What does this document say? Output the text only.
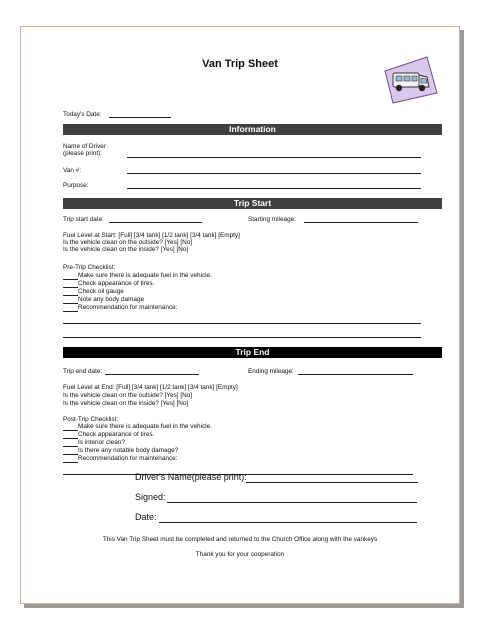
Van Trip Sheet
Today's Date:
Information
Name of Driver
(please print):
Van #:
Purpose:
Trip Start
Trip start date:	Starting mileage:
Fuel Level at Start: [Full] [3/4 tank] [1/2 tank] [3/4 tank] [Empty]
Is the vehicle clean on the outside? [Yes] [No]
Is the vehicle clean on the inside? [Yes] [No]
Pre-Trip Checklist:
Make sure there is adequate fuel in the vehicle.
Check appearance of tires.
Check oil gauge
Note any body damage
Recommendation for maintenance:
Trip End
Trip end date:	Ending mileage:
Fuel Level at End: [Full] [3/4 tank] [1/2 tank] [3/4 tank] [Empty]
Is the vehicle clean on the outside? [Yes] [No]
Is the vehicle clean on the inside? [Yes] [No]
Post-Trip Checklist:
Make sure there is adequate fuel in the vehicle.
Check appearance of tires.
Is interior clean?
Is there any notable body damage?
Recommendation for maintenance:
Driver's Name(please print):
Signed:
Date:
This Van Trip Sheet must be completed and returned to the Church Office along with the vankeys
Thank you for your cooperation
